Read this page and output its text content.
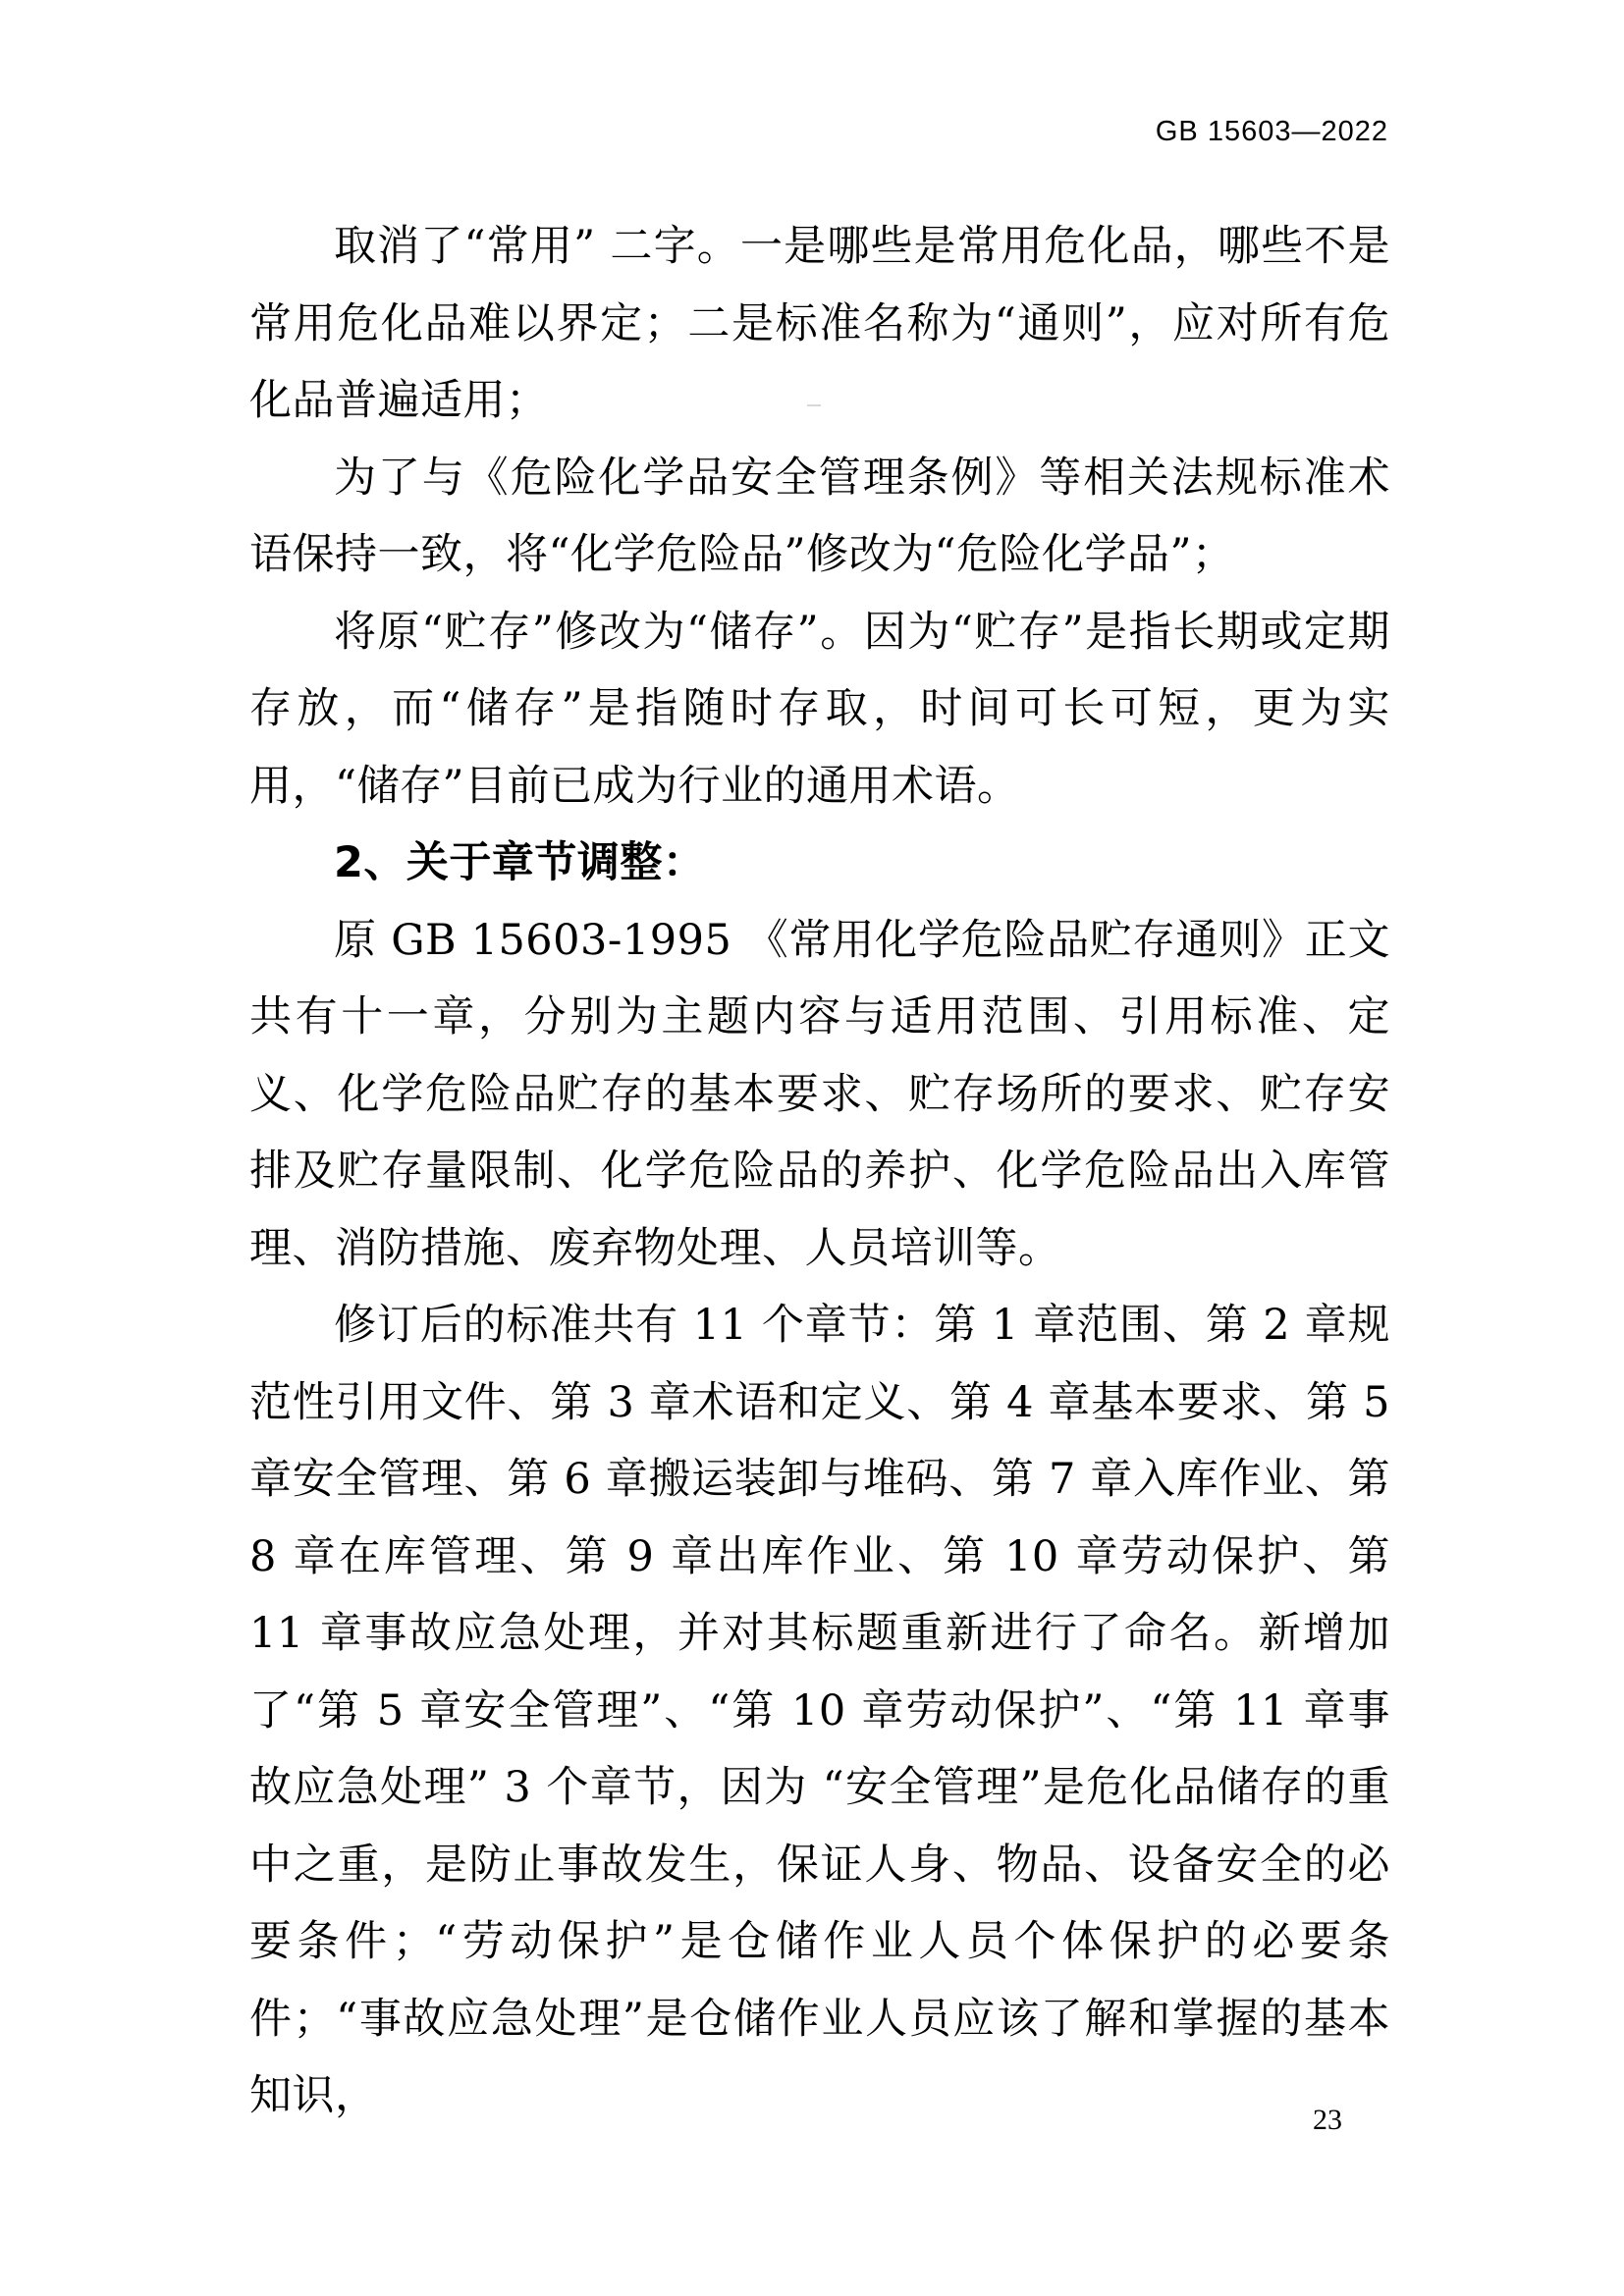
GB 15603—2022

取消了“常用” 二字。一是哪些是常用危化品，哪些不是常用危化品难以界定；二是标准名称为“通则”，应对所有危化品普遍适用；

为了与《危险化学品安全管理条例》等相关法规标准术语保持一致，将“化学危险品”修改为“危险化学品”；

将原“贮存”修改为“储存”。因为“贮存”是指长期或定期存放，而“储存”是指随时存取，时间可长可短，更为实用，“储存”目前已成为行业的通用术语。

2、关于章节调整：

原 GB 15603-1995 《常用化学危险品贮存通则》正文共有十一章，分别为主题内容与适用范围、引用标准、定义、化学危险品贮存的基本要求、贮存场所的要求、贮存安排及贮存量限制、化学危险品的养护、化学危险品出入库管理、消防措施、废弃物处理、人员培训等。

修订后的标准共有 11 个章节：第 1 章范围、第 2 章规范性引用文件、第 3 章术语和定义、第 4 章基本要求、第 5 章安全管理、第 6 章搬运装卸与堆码、第 7 章入库作业、第 8 章在库管理、第 9 章出库作业、第 10 章劳动保护、第 11 章事故应急处理，并对其标题重新进行了命名。新增加了“第 5 章安全管理”、“第 10 章劳动保护”、“第 11 章事故应急处理” 3 个章节，因为 “安全管理”是危化品储存的重中之重，是防止事故发生，保证人身、物品、设备安全的必要条件；“劳动保护”是仓储作业人员个体保护的必要条件；“事故应急处理”是仓储作业人员应该了解和掌握的基本知识，	23
